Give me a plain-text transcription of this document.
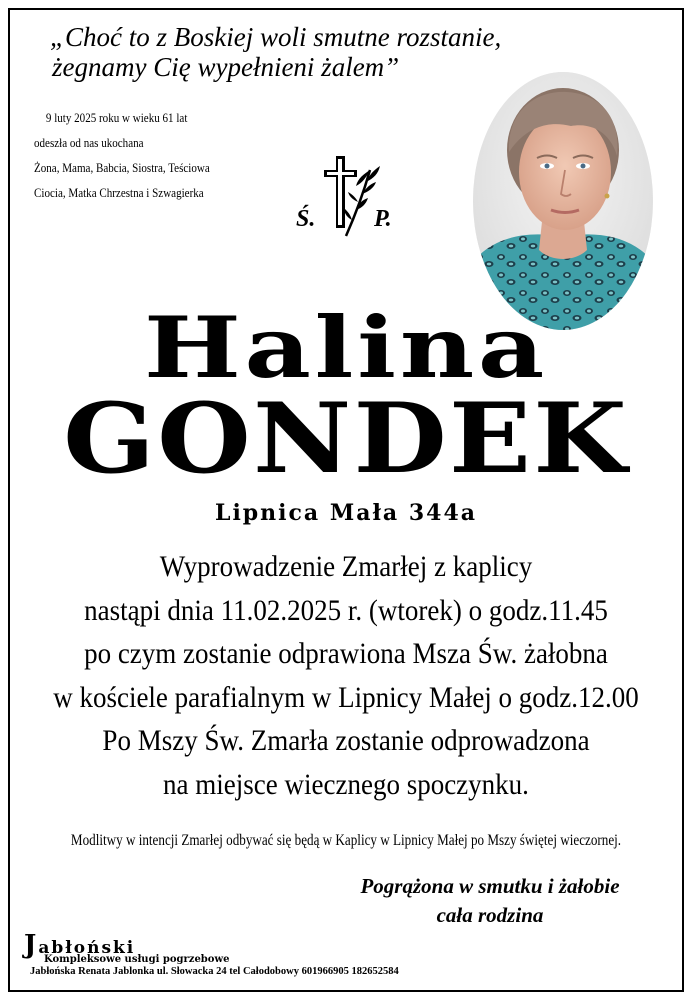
„Choć to z Boskiej woli smutne rozstanie,
żegnamy Cię wypełnieni żalem”
9 luty 2025 roku w wieku 61 lat
odeszła od nas ukochana
Żona, Mama, Babcia, Siostra, Teściowa
Ciocia, Matka Chrzestna i Szwagierka
Ś. P.
Halina
GONDEK
Lipnica Mała 344a
Wyprowadzenie Zmarłej z kaplicy
nastąpi dnia 11.02.2025 r. (wtorek) o godz.11.45
po czym zostanie odprawiona Msza Św. żałobna
w kościele parafialnym w Lipnicy Małej o godz.12.00
Po Mszy Św. Zmarła zostanie odprowadzona
na miejsce wiecznego spoczynku.
Modlitwy w intencji Zmarłej odbywać się będą w Kaplicy w Lipnicy Małej po Mszy świętej wieczornej.
Pogrążona w smutku i żałobie
cała rodzina
Jabłoński
Kompleksowe usługi pogrzebowe
Jabłońska Renata Jablonka ul. Słowacka 24 tel Całodobowy 601966905 182652584
